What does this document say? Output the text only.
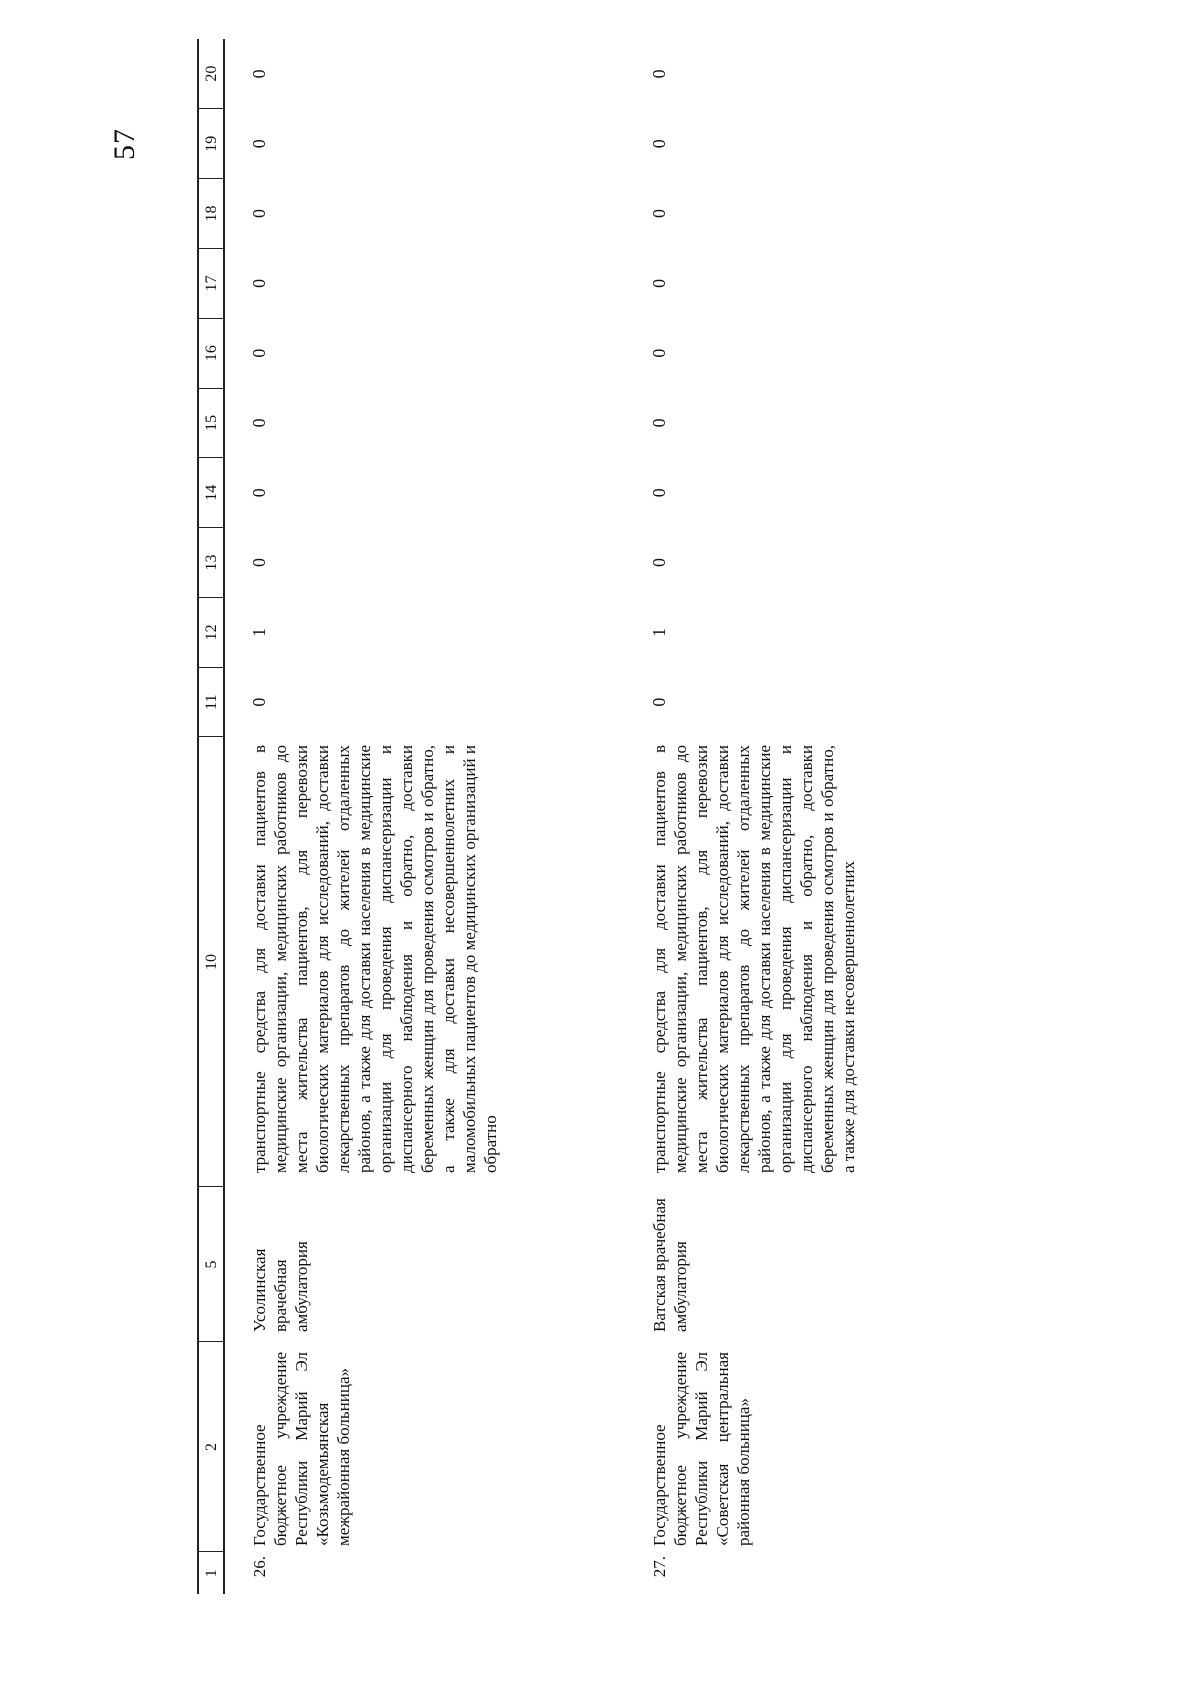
57
1	2	5	10	11	12	13	14	15	16	17	18	19	20
26.	Государственное бюджетное учреждение Республики Марий Эл «Козьмодемьянская межрайонная больница»	Усолинская врачебная амбулатория	транспортные средства для доставки пациентов в медицинские организации, медицинских работников до места жительства пациентов, для перевозки биологических материалов для исследований, доставки лекарственных препаратов до жителей отдаленных районов, а также для доставки населения в медицинские организации для проведения диспансеризации и диспансерного наблюдения и обратно, доставки беременных женщин для проведения осмотров и обратно, а также для доставки несовершеннолетних и маломобильных пациентов до медицинских организаций и обратно	0	1	0	0	0	0	0	0	0	0
27.	Государственное бюджетное учреждение Республики Марий Эл «Советская центральная районная больница»	Ватская врачебная амбулатория	транспортные средства для доставки пациентов в медицинские организации, медицинских работников до места жительства пациентов, для перевозки биологических материалов для исследований, доставки лекарственных препаратов до жителей отдаленных районов, а также для доставки населения в медицинские организации для проведения диспансеризации и диспансерного наблюдения и обратно, доставки беременных женщин для проведения осмотров и обратно, а также для доставки несовершеннолетних	0	1	0	0	0	0	0	0	0	0
